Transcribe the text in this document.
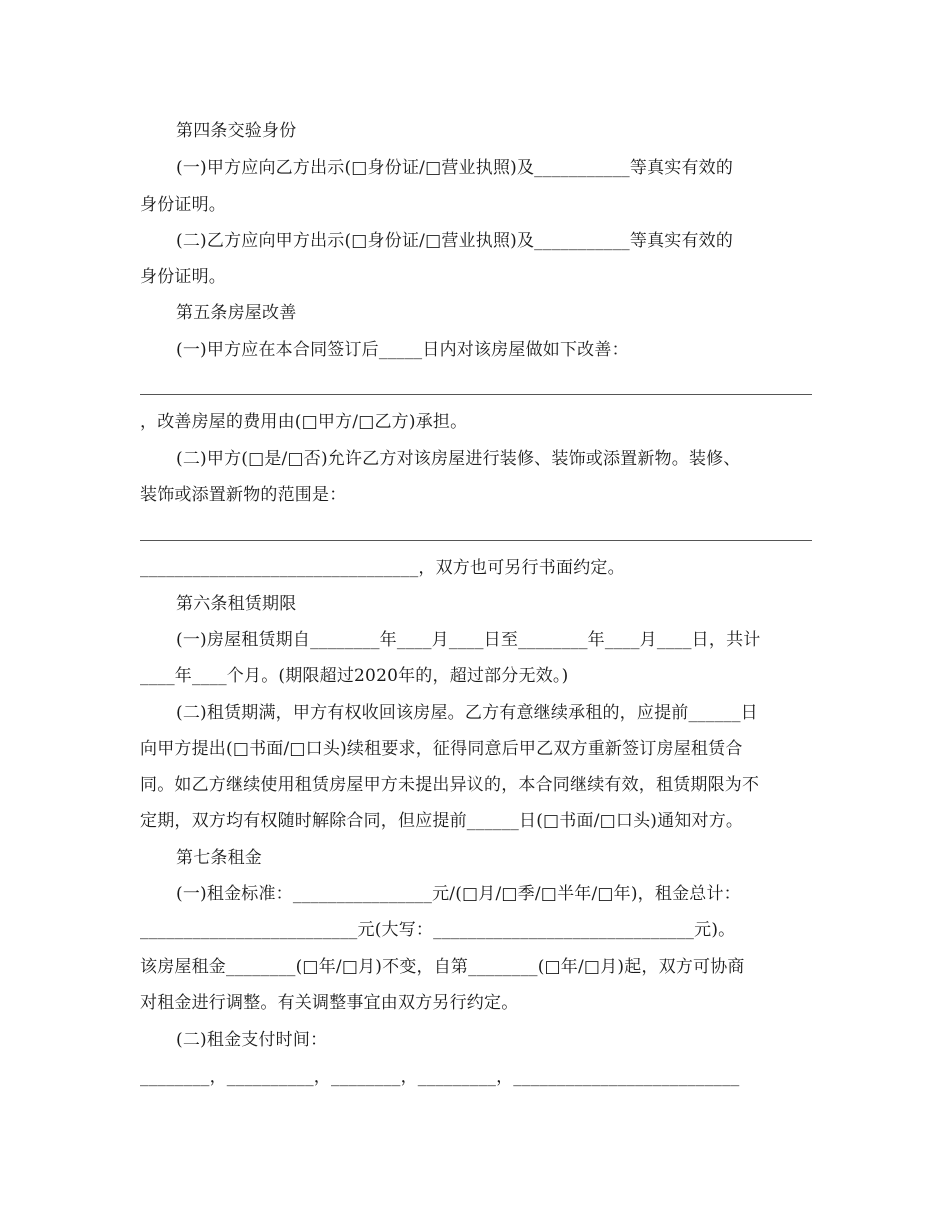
第四条交验身份
(一)甲方应向乙方出示(□身份证/□营业执照)及___________等真实有效的
身份证明。
(二)乙方应向甲方出示(□身份证/□营业执照)及___________等真实有效的
身份证明。
第五条房屋改善
(一)甲方应在本合同签订后_____日内对该房屋做如下改善：
，改善房屋的费用由(□甲方/□乙方)承担。
(二)甲方(□是/□否)允许乙方对该房屋进行装修、装饰或添置新物。装修、
装饰或添置新物的范围是：
________________________________，双方也可另行书面约定。
第六条租赁期限
(一)房屋租赁期自________年____月____日至________年____月____日，共计
____年____个月。(期限超过2020年的，超过部分无效。)
(二)租赁期满，甲方有权收回该房屋。乙方有意继续承租的，应提前______日
向甲方提出(□书面/□口头)续租要求，征得同意后甲乙双方重新签订房屋租赁合
同。如乙方继续使用租赁房屋甲方未提出异议的，本合同继续有效，租赁期限为不
定期，双方均有权随时解除合同，但应提前______日(□书面/□口头)通知对方。
第七条租金
(一)租金标准：________________元/(□月/□季/□半年/□年)，租金总计：
_________________________元(大写：______________________________元)。
该房屋租金________(□年/□月)不变，自第________(□年/□月)起，双方可协商
对租金进行调整。有关调整事宜由双方另行约定。
(二)租金支付时间：
________，__________，________，_________，__________________________
